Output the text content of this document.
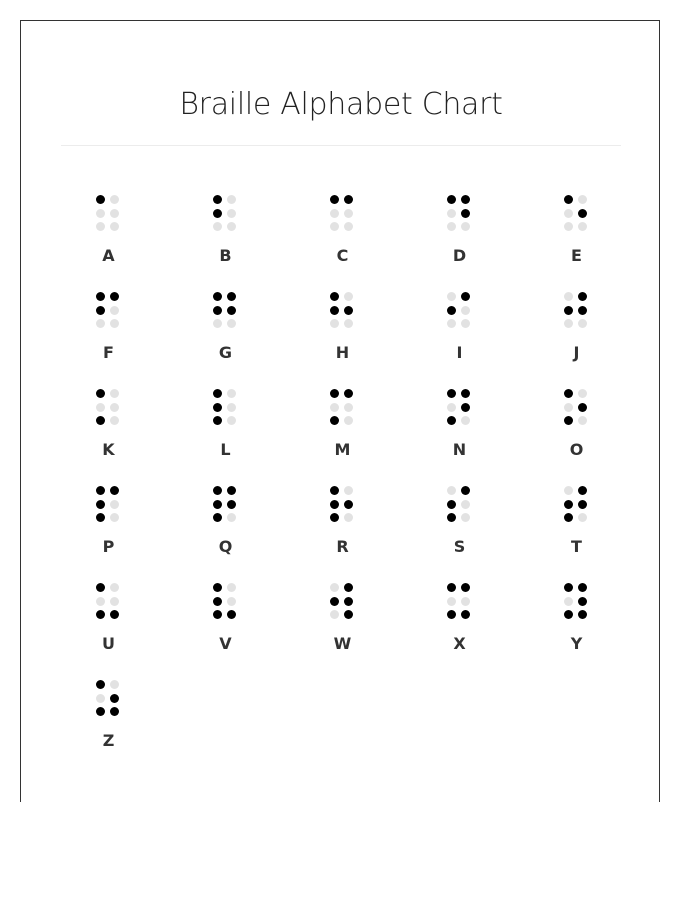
Braille Alphabet Chart
A	B	C	D	E
F	G	H	I	J
K	L	M	N	O
P	Q	R	S	T
U	V	W	X	Y
Z
